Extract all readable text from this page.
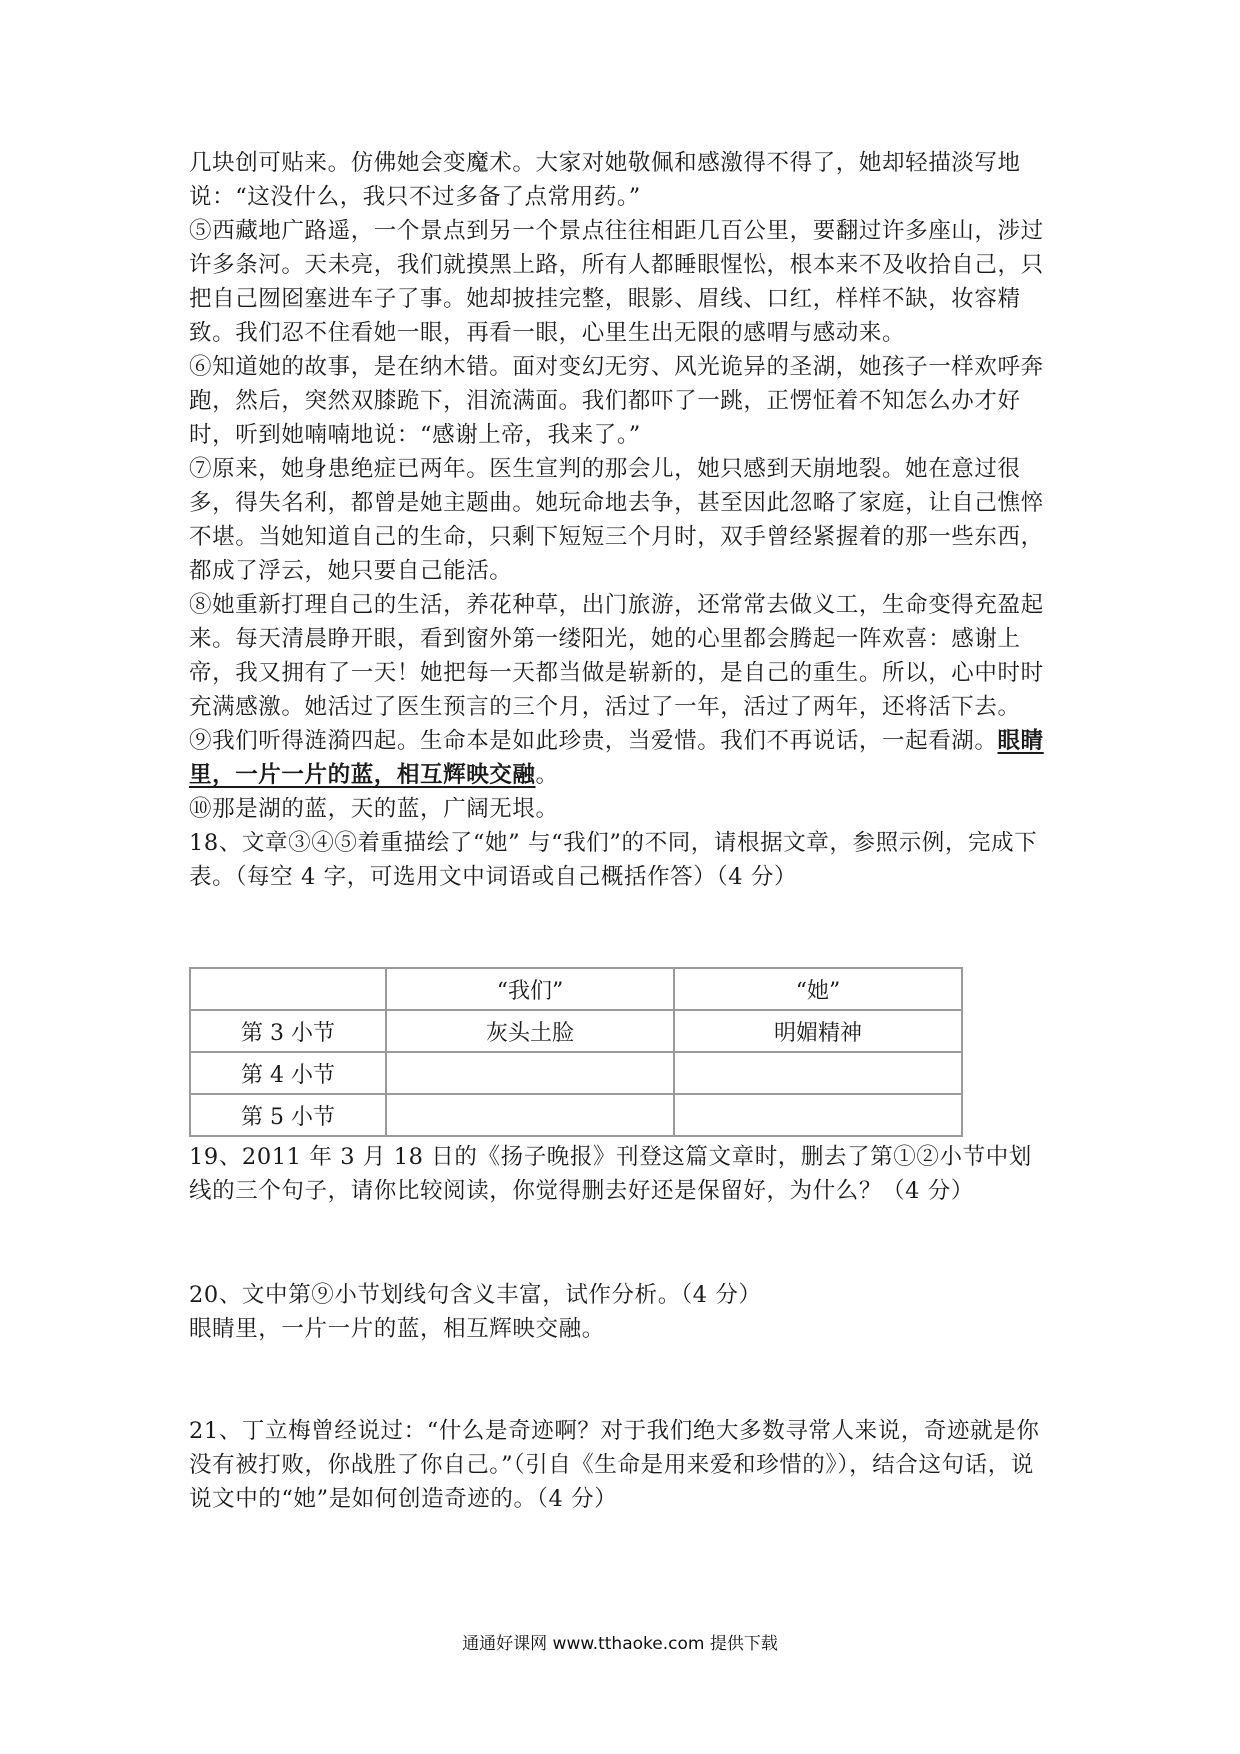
几块创可贴来。仿佛她会变魔术。大家对她敬佩和感激得不得了，她却轻描淡写地说：“这没什么，我只不过多备了点常用药。”

⑤西藏地广路遥，一个景点到另一个景点往往相距几百公里，要翻过许多座山，涉过许多条河。天未亮，我们就摸黑上路，所有人都睡眼惺忪，根本来不及收拾自己，只把自己囫囵塞进车子了事。她却披挂完整，眼影、眉线、口红，样样不缺，妆容精致。我们忍不住看她一眼，再看一眼，心里生出无限的感喟与感动来。

⑥知道她的故事，是在纳木错。面对变幻无穷、风光诡异的圣湖，她孩子一样欢呼奔跑，然后，突然双膝跪下，泪流满面。我们都吓了一跳，正愣怔着不知怎么办才好时，听到她喃喃地说：“感谢上帝，我来了。”

⑦原来，她身患绝症已两年。医生宣判的那会儿，她只感到天崩地裂。她在意过很多，得失名利，都曾是她主题曲。她玩命地去争，甚至因此忽略了家庭，让自己憔悴不堪。当她知道自己的生命，只剩下短短三个月时，双手曾经紧握着的那一些东西，都成了浮云，她只要自己能活。

⑧她重新打理自己的生活，养花种草，出门旅游，还常常去做义工，生命变得充盈起来。每天清晨睁开眼，看到窗外第一缕阳光，她的心里都会腾起一阵欢喜：感谢上帝，我又拥有了一天！她把每一天都当做是崭新的，是自己的重生。所以，心中时时充满感激。她活过了医生预言的三个月，活过了一年，活过了两年，还将活下去。

⑨我们听得涟漪四起。生命本是如此珍贵，当爱惜。我们不再说话，一起看湖。眼睛里，一片一片的蓝，相互辉映交融。

⑩那是湖的蓝，天的蓝，广阔无垠。

18、文章③④⑤着重描绘了“她” 与“我们”的不同，请根据文章，参照示例，完成下表。（每空 4 字，可选用文中词语或自己概括作答）（4 分）

	“我们”	“她”
第 3 小节	灰头土脸	明媚精神
第 4 小节		
第 5 小节		

19、2011 年 3 月 18 日的《扬子晚报》刊登这篇文章时，删去了第①②小节中划线的三个句子，请你比较阅读，你觉得删去好还是保留好，为什么？（4 分）

20、文中第⑨小节划线句含义丰富，试作分析。（4 分）

眼睛里，一片一片的蓝，相互辉映交融。

21、丁立梅曾经说过：“什么是奇迹啊？对于我们绝大多数寻常人来说，奇迹就是你没有被打败，你战胜了你自己。”（引自《生命是用来爱和珍惜的》），结合这句话，说说文中的“她”是如何创造奇迹的。（4 分）

通通好课网 www.tthaoke.com 提供下载
